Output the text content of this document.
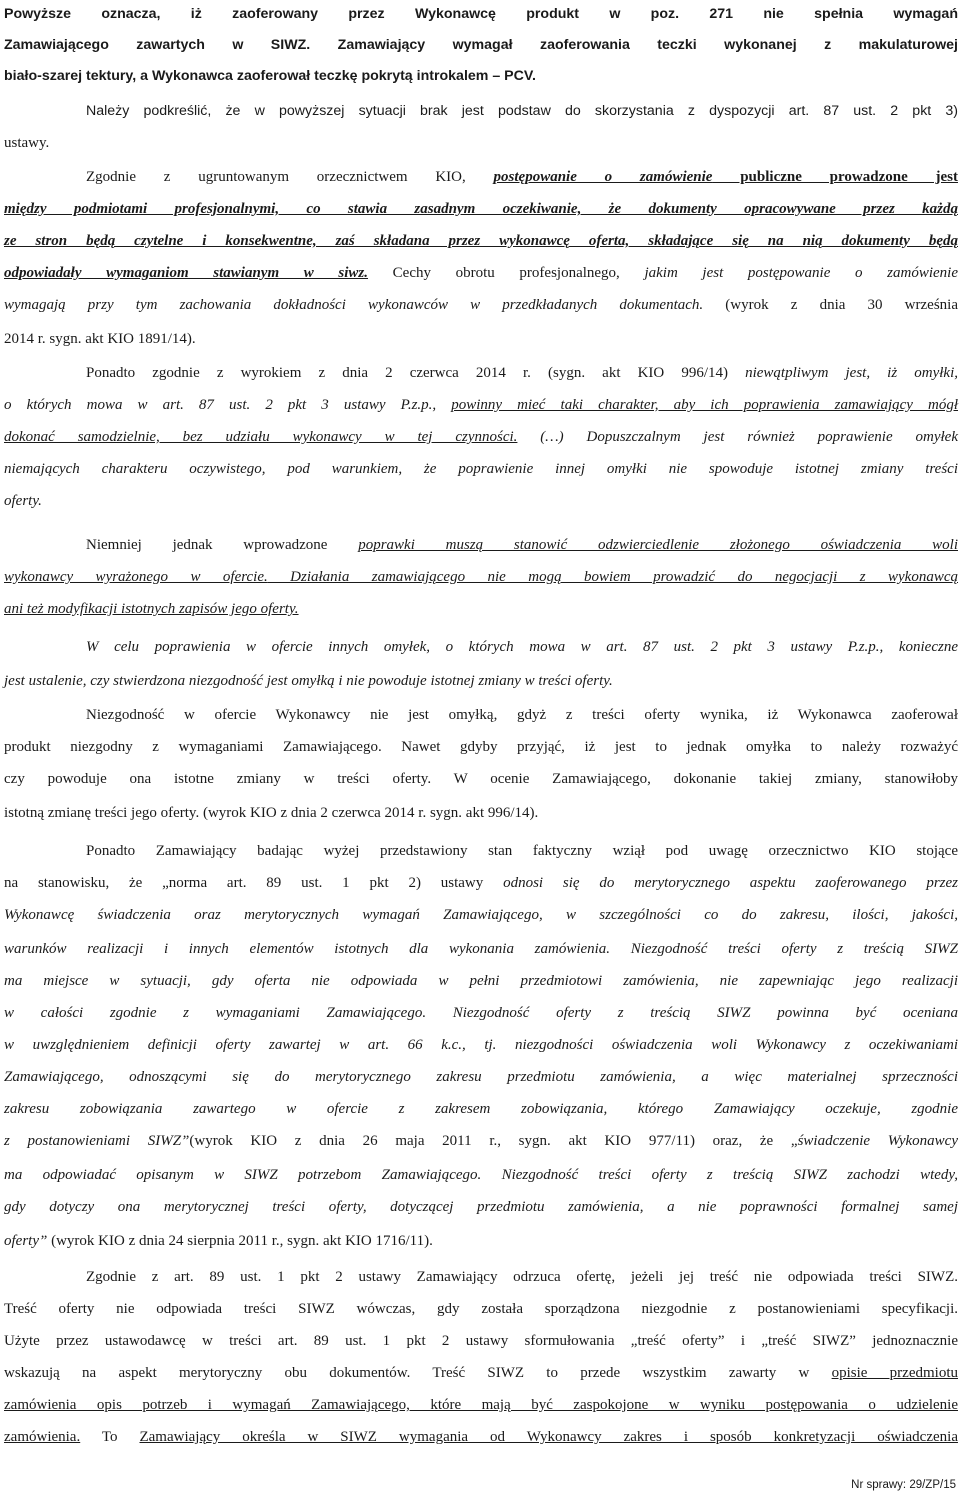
Powyższe oznacza, iż zaoferowany przez Wykonawcę produkt w poz. 271 nie spełnia wymagań
Zamawiającego zawartych w SIWZ. Zamawiający wymagał zaoferowania teczki wykonanej z makulaturowej
biało-szarej tektury, a Wykonawca zaoferował teczkę pokrytą introkalem – PCV.
Należy podkreślić, że w powyższej sytuacji brak jest podstaw do skorzystania z dyspozycji art. 87 ust. 2 pkt 3)
ustawy.
Zgodnie z ugruntowanym orzecznictwem KIO, postępowanie o zamówienie publiczne prowadzone jest
między podmiotami profesjonalnymi, co stawia zasadnym oczekiwanie, że dokumenty opracowywane przez każdą
ze stron będą czytelne i konsekwentne, zaś składana przez wykonawcę oferta, składające się na nią dokumenty będą
odpowiadały wymaganiom stawianym w siwz. Cechy obrotu profesjonalnego, jakim jest postępowanie o zamówienie
wymagają przy tym zachowania dokładności wykonawców w przedkładanych dokumentach. (wyrok z dnia 30 września
2014 r. sygn. akt KIO 1891/14).
Ponadto zgodnie z wyrokiem z dnia 2 czerwca 2014 r. (sygn. akt KIO 996/14) niewątpliwym jest, iż omyłki,
o których mowa w art. 87 ust. 2 pkt 3 ustawy P.z.p., powinny mieć taki charakter, aby ich poprawienia zamawiający mógł
dokonać samodzielnie, bez udziału wykonawcy w tej czynności. (…) Dopuszczalnym jest również poprawienie omyłek
niemających charakteru oczywistego, pod warunkiem, że poprawienie innej omyłki nie spowoduje istotnej zmiany treści
oferty.
Niemniej jednak wprowadzone poprawki muszą stanowić odzwierciedlenie złożonego oświadczenia woli
wykonawcy wyrażonego w ofercie. Działania zamawiającego nie mogą bowiem prowadzić do negocjacji z wykonawcą
ani też modyfikacji istotnych zapisów jego oferty.
W celu poprawienia w ofercie innych omyłek, o których mowa w art. 87 ust. 2 pkt 3 ustawy P.z.p., konieczne
jest ustalenie, czy stwierdzona niezgodność jest omyłką i nie powoduje istotnej zmiany w treści oferty.
Niezgodność w ofercie Wykonawcy nie jest omyłką, gdyż z treści oferty wynika, iż Wykonawca zaoferował
produkt niezgodny z wymaganiami Zamawiającego. Nawet gdyby przyjąć, iż jest to jednak omyłka to należy rozważyć
czy powoduje ona istotne zmiany w treści oferty. W ocenie Zamawiającego, dokonanie takiej zmiany, stanowiłoby
istotną zmianę treści jego oferty. (wyrok KIO z dnia 2 czerwca 2014 r. sygn. akt 996/14).
Ponadto Zamawiający badając wyżej przedstawiony stan faktyczny wziął pod uwagę orzecznictwo KIO stojące
na stanowisku, że „norma art. 89 ust. 1 pkt 2) ustawy odnosi się do merytorycznego aspektu zaoferowanego przez
Wykonawcę świadczenia oraz merytorycznych wymagań Zamawiającego, w szczególności co do zakresu, ilości, jakości,
warunków realizacji i innych elementów istotnych dla wykonania zamówienia. Niezgodność treści oferty z treścią SIWZ
ma miejsce w sytuacji, gdy oferta nie odpowiada w pełni przedmiotowi zamówienia, nie zapewniając jego realizacji
w całości zgodnie z wymaganiami Zamawiającego. Niezgodność oferty z treścią SIWZ powinna być oceniana
w uwzględnieniem definicji oferty zawartej w art. 66 k.c., tj. niezgodności oświadczenia woli Wykonawcy z oczekiwaniami
Zamawiającego, odnoszącymi się do merytorycznego zakresu przedmiotu zamówienia, a więc materialnej sprzeczności
zakresu zobowiązania zawartego w ofercie z zakresem zobowiązania, którego Zamawiający oczekuje, zgodnie
z postanowieniami SIWZ”(wyrok KIO z dnia 26 maja 2011 r., sygn. akt KIO 977/11) oraz, że „świadczenie Wykonawcy
ma odpowiadać opisanym w SIWZ potrzebom Zamawiającego. Niezgodność treści oferty z treścią SIWZ zachodzi wtedy,
gdy dotyczy ona merytorycznej treści oferty, dotyczącej przedmiotu zamówienia, a nie poprawności formalnej samej
oferty” (wyrok KIO z dnia 24 sierpnia 2011 r., sygn. akt KIO 1716/11).
Zgodnie z art. 89 ust. 1 pkt 2 ustawy Zamawiający odrzuca ofertę, jeżeli jej treść nie odpowiada treści SIWZ.
Treść oferty nie odpowiada treści SIWZ wówczas, gdy została sporządzona niezgodnie z postanowieniami specyfikacji.
Użyte przez ustawodawcę w treści art. 89 ust. 1 pkt 2 ustawy sformułowania „treść oferty” i „treść SIWZ” jednoznacznie
wskazują na aspekt merytoryczny obu dokumentów. Treść SIWZ to przede wszystkim zawarty w opisie przedmiotu
zamówienia opis potrzeb i wymagań Zamawiającego, które mają być zaspokojone w wyniku postępowania o udzielenie
zamówienia. To Zamawiający określa w SIWZ wymagania od Wykonawcy zakres i sposób konkretyzacji oświadczenia
Nr sprawy: 29/ZP/15
